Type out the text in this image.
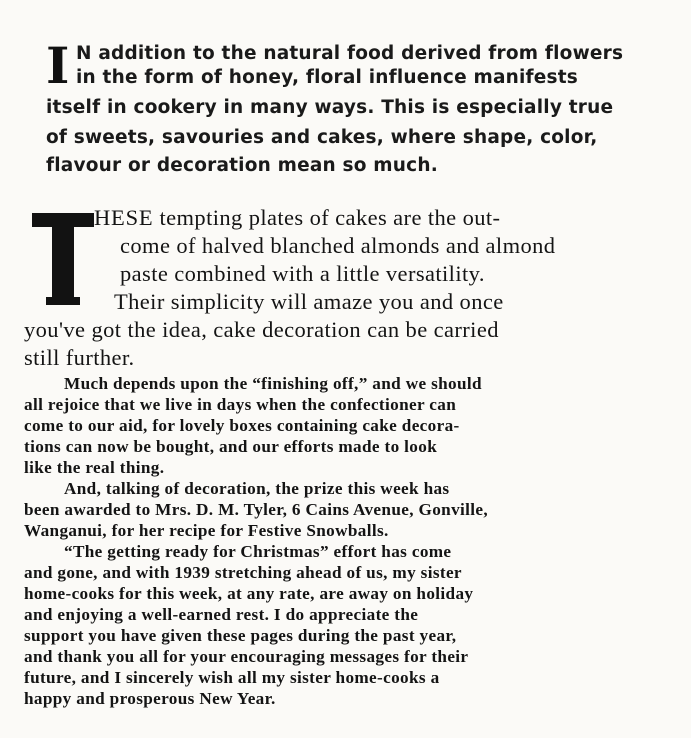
I N addition to the natural food derived from flowers
in the form of honey, floral influence manifests
itself in cookery in many ways. This is especially true
of sweets, savouries and cakes, where shape, color,
flavour or decoration mean so much.
HESE tempting plates of cakes are the out-
come of halved blanched almonds and almond
paste combined with a little versatility.
Their simplicity will amaze you and once
you've got the idea, cake decoration can be carried
still further.
Much depends upon the “finishing off,” and we should
all rejoice that we live in days when the confectioner can
come to our aid, for lovely boxes containing cake decora-
tions can now be bought, and our efforts made to look
like the real thing.
And, talking of decoration, the prize this week has
been awarded to Mrs. D. M. Tyler, 6 Cains Avenue, Gonville,
Wanganui, for her recipe for Festive Snowballs.
“The getting ready for Christmas” effort has come
and gone, and with 1939 stretching ahead of us, my sister
home-cooks for this week, at any rate, are away on holiday
and enjoying a well-earned rest. I do appreciate the
support you have given these pages during the past year,
and thank you all for your encouraging messages for their
future, and I sincerely wish all my sister home-cooks a
happy and prosperous New Year.
